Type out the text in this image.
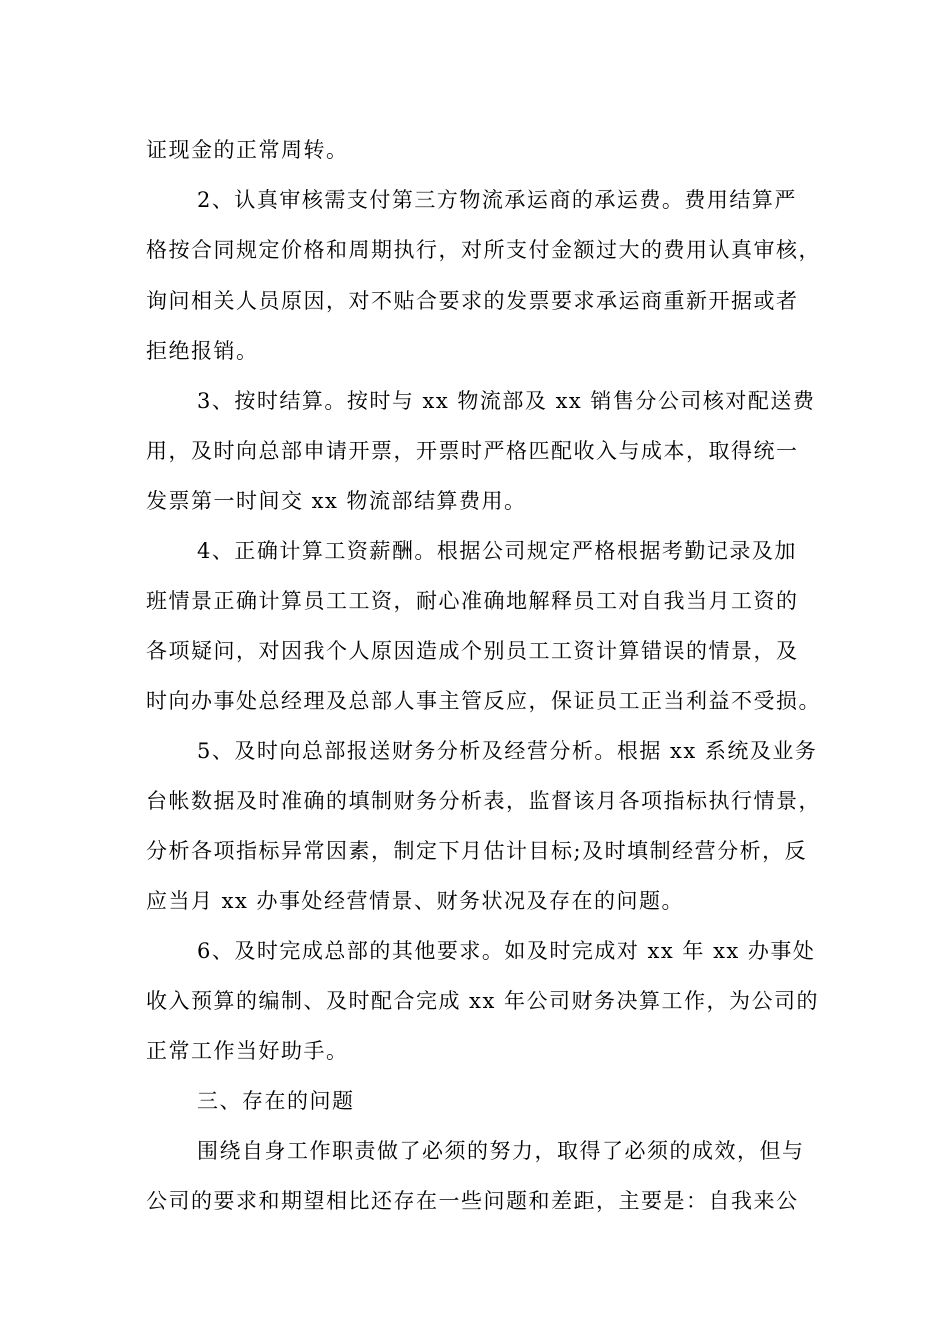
证现金的正常周转。
2、认真审核需支付第三方物流承运商的承运费。费用结算严
格按合同规定价格和周期执行，对所支付金额过大的费用认真审核，
询问相关人员原因，对不贴合要求的发票要求承运商重新开据或者
拒绝报销。
3、按时结算。按时与 xx 物流部及 xx 销售分公司核对配送费
用，及时向总部申请开票，开票时严格匹配收入与成本，取得统一
发票第一时间交 xx 物流部结算费用。
4、正确计算工资薪酬。根据公司规定严格根据考勤记录及加
班情景正确计算员工工资，耐心准确地解释员工对自我当月工资的
各项疑问，对因我个人原因造成个别员工工资计算错误的情景，及
时向办事处总经理及总部人事主管反应，保证员工正当利益不受损。
5、及时向总部报送财务分析及经营分析。根据 xx 系统及业务
台帐数据及时准确的填制财务分析表，监督该月各项指标执行情景，
分析各项指标异常因素，制定下月估计目标;及时填制经营分析，反
应当月 xx 办事处经营情景、财务状况及存在的问题。
6、及时完成总部的其他要求。如及时完成对 xx 年 xx 办事处
收入预算的编制、及时配合完成 xx 年公司财务决算工作，为公司的
正常工作当好助手。
三、存在的问题
围绕自身工作职责做了必须的努力，取得了必须的成效，但与
公司的要求和期望相比还存在一些问题和差距，主要是：自我来公
